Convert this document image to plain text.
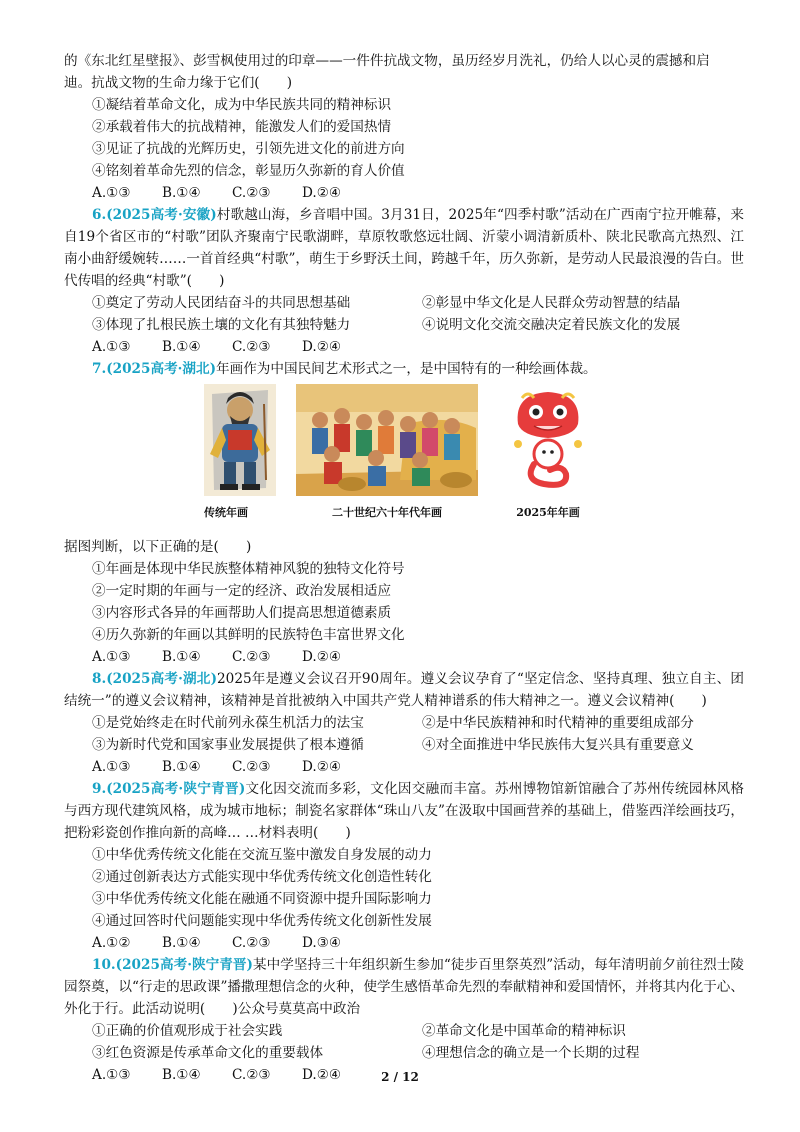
的《东北红星壁报》、彭雪枫使用过的印章——一件件抗战文物，虽历经岁月洗礼，仍给人以心灵的震撼和启

迪。抗战文物的生命力缘于它们(　　)

①凝结着革命文化，成为中华民族共同的精神标识

②承载着伟大的抗战精神，能激发人们的爱国热情

③见证了抗战的光辉历史，引领先进文化的前进方向

④铭刻着革命先烈的信念，彰显历久弥新的育人价值

A.①③ B.①④ C.②③ D.②④

6.(2025高考·安徽)村歌越山海，乡音唱中国。3月31日，2025年“四季村歌”活动在广西南宁拉开帷幕，来自19个省区市的“村歌”团队齐聚南宁民歌湖畔，草原牧歌悠远壮阔、沂蒙小调清新质朴、陕北民歌高亢热烈、江南小曲舒缓婉转……一首首经典“村歌”，萌生于乡野沃土间，跨越千年，历久弥新，是劳动人民最浪漫的告白。世代传唱的经典“村歌”(　　)

①奠定了劳动人民团结奋斗的共同思想基础	②彰显中华文化是人民群众劳动智慧的结晶

③体现了扎根民族土壤的文化有其独特魅力	④说明文化交流交融决定着民族文化的发展

A.①③ B.①④ C.②③ D.②④

7.(2025高考·湖北)年画作为中国民间艺术形式之一，是中国特有的一种绘画体裁。

传统年画	二十世纪六十年代年画	2025年年画

据图判断，以下正确的是(　　)

①年画是体现中华民族整体精神风貌的独特文化符号

②一定时期的年画与一定的经济、政治发展相适应

③内容形式各异的年画帮助人们提高思想道德素质

④历久弥新的年画以其鲜明的民族特色丰富世界文化

A.①③ B.①④ C.②③ D.②④

8.(2025高考·湖北)2025年是遵义会议召开90周年。遵义会议孕育了“坚定信念、坚持真理、独立自主、团结统一”的遵义会议精神，该精神是首批被纳入中国共产党人精神谱系的伟大精神之一。遵义会议精神(　　)

①是党始终走在时代前列永葆生机活力的法宝	②是中华民族精神和时代精神的重要组成部分

③为新时代党和国家事业发展提供了根本遵循	④对全面推进中华民族伟大复兴具有重要意义

A.①③ B.①④ C.②③ D.②④

9.(2025高考·陕宁青晋)文化因交流而多彩，文化因交融而丰富。苏州博物馆新馆融合了苏州传统园林风格与西方现代建筑风格，成为城市地标；制瓷名家群体“珠山八友”在汲取中国画营养的基础上，借鉴西洋绘画技巧，把粉彩瓷创作推向新的高峰… …材料表明(　　)

①中华优秀传统文化能在交流互鉴中激发自身发展的动力

②通过创新表达方式能实现中华优秀传统文化创造性转化

③中华优秀传统文化能在融通不同资源中提升国际影响力

④通过回答时代问题能实现中华优秀传统文化创新性发展

A.①② B.①④ C.②③ D.③④

10.(2025高考·陕宁青晋)某中学坚持三十年组织新生参加“徒步百里祭英烈”活动，每年清明前夕前往烈士陵园祭奠，以“行走的思政课”播撒理想信念的火种，使学生感悟革命先烈的奉献精神和爱国情怀，并将其内化于心、外化于行。此活动说明(　　)公众号莫莫高中政治

①正确的价值观形成于社会实践	②革命文化是中国革命的精神标识

③红色资源是传承革命文化的重要载体	④理想信念的确立是一个长期的过程

A.①③ B.①④ C.②③ D.②④	2 / 12
